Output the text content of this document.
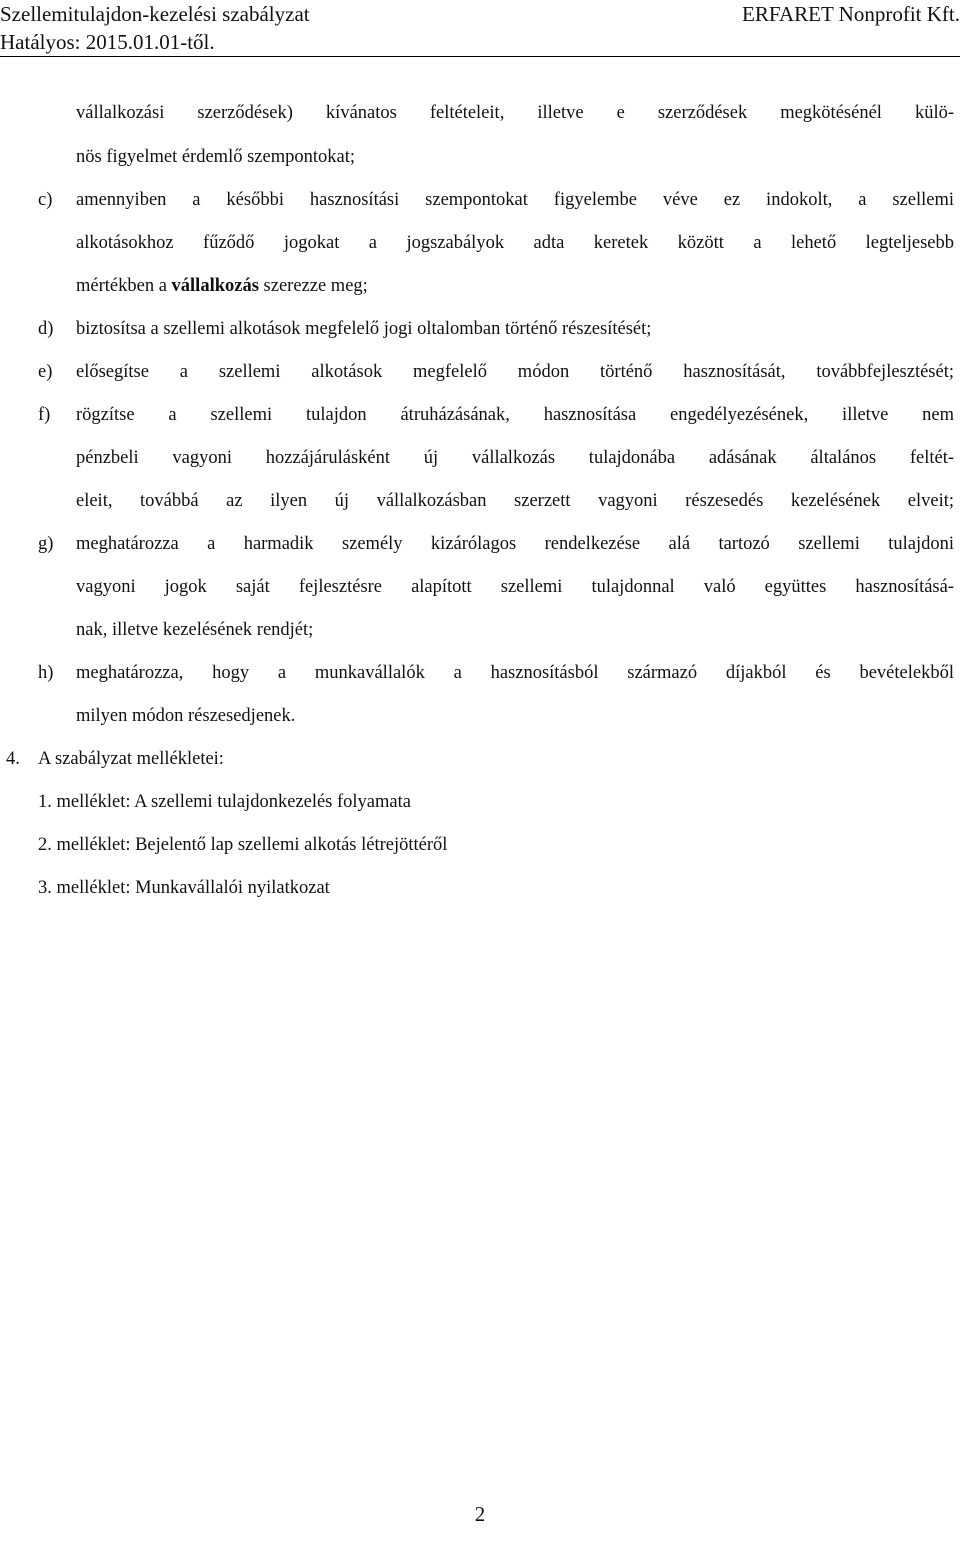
Szellemitulajdon-kezelési szabályzat
Hatályos: 2015.01.01-től.
ERFARET Nonprofit Kft.
vállalkozási szerződések) kívánatos feltételeit, illetve e szerződések megkötésénél külö-
nös figyelmet érdemlő szempontokat;
c) amennyiben a későbbi hasznosítási szempontokat figyelembe véve ez indokolt, a szellemi
alkotásokhoz fűződő jogokat a jogszabályok adta keretek között a lehető legteljesebb
mértékben a vállalkozás szerezze meg;
d) biztosítsa a szellemi alkotások megfelelő jogi oltalomban történő részesítését;
e) elősegítse a szellemi alkotások megfelelő módon történő hasznosítását, továbbfejlesztését;
f) rögzítse a szellemi tulajdon átruházásának, hasznosítása engedélyezésének, illetve nem
pénzbeli vagyoni hozzájárulásként új vállalkozás tulajdonába adásának általános feltét-
eleit, továbbá az ilyen új vállalkozásban szerzett vagyoni részesedés kezelésének elveit;
g) meghatározza a harmadik személy kizárólagos rendelkezése alá tartozó szellemi tulajdoni
vagyoni jogok saját fejlesztésre alapított szellemi tulajdonnal való együttes hasznosításá-
nak, illetve kezelésének rendjét;
h) meghatározza, hogy a munkavállalók a hasznosításból származó díjakból és bevételekből
milyen módon részesedjenek.
4. A szabályzat mellékletei:
1. melléklet: A szellemi tulajdonkezelés folyamata
2. melléklet: Bejelentő lap szellemi alkotás létrejöttéről
3. melléklet: Munkavállalói nyilatkozat
2
